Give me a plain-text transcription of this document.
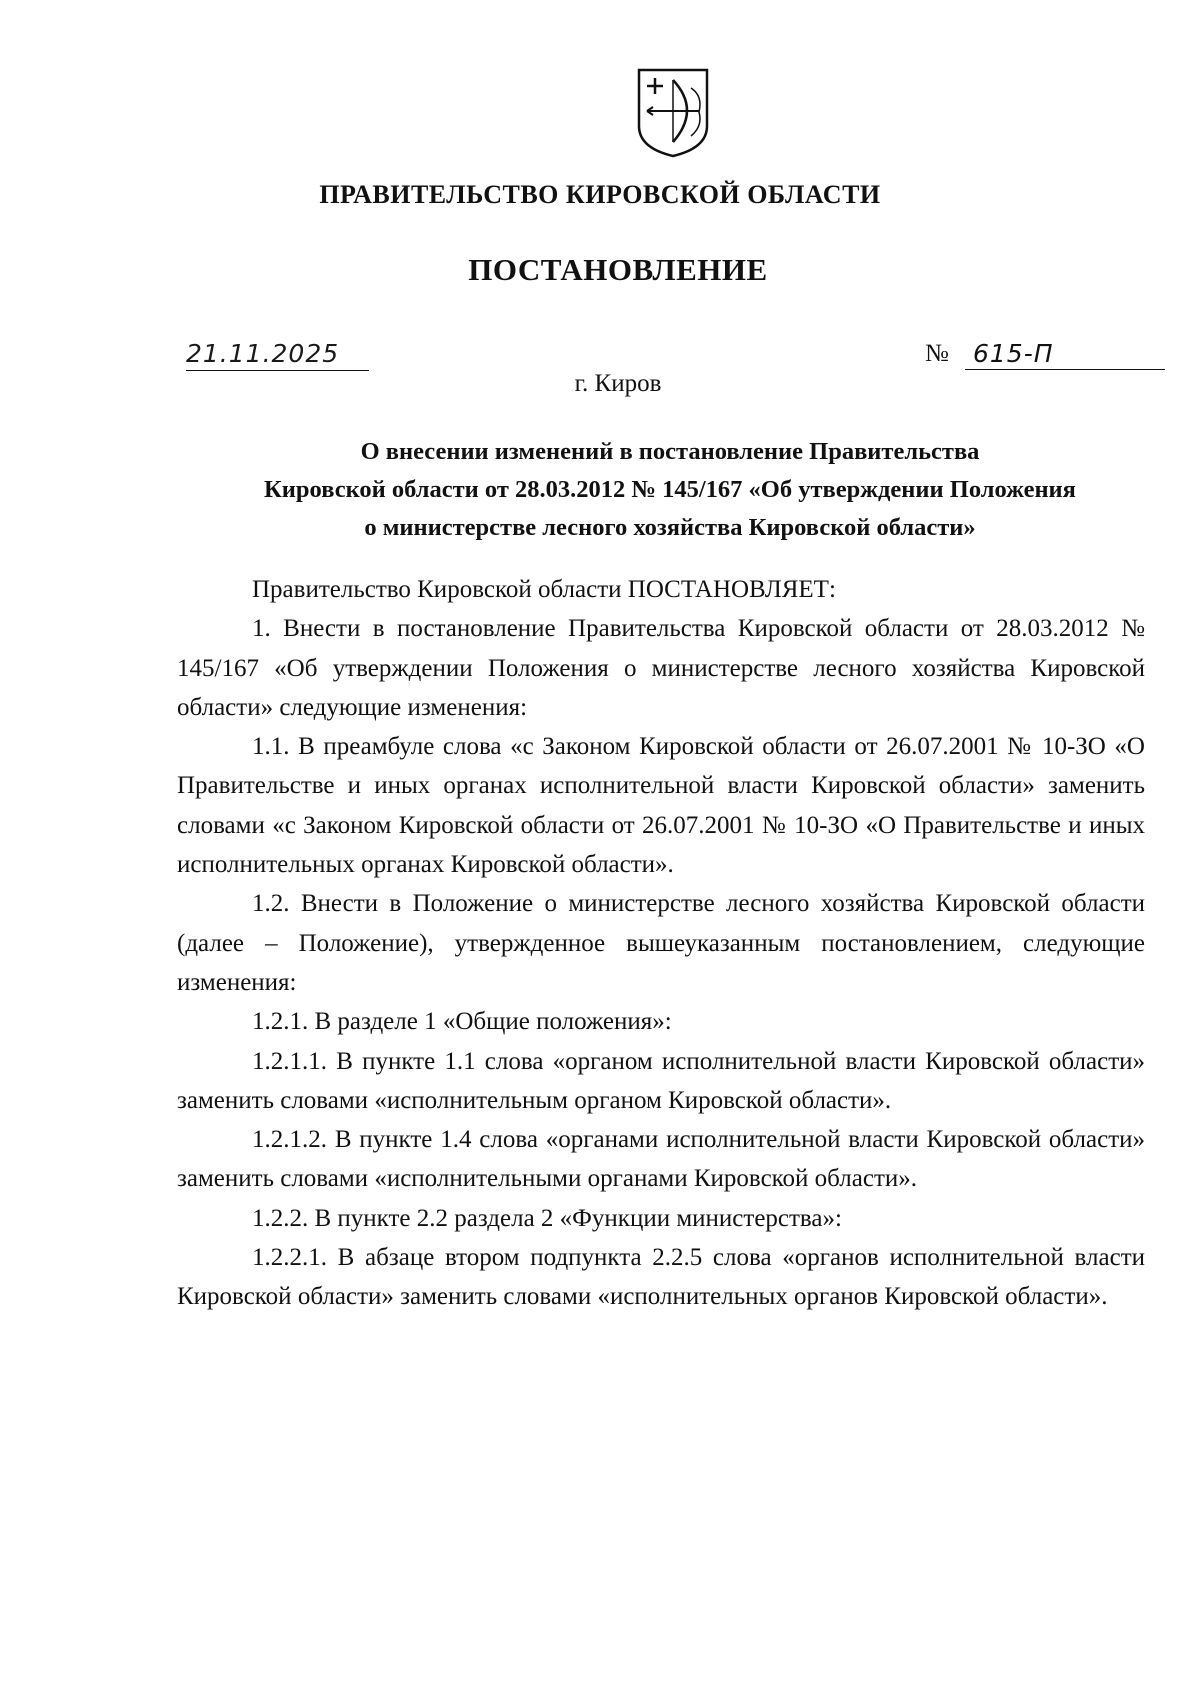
ПРАВИТЕЛЬСТВО КИРОВСКОЙ ОБЛАСТИ
ПОСТАНОВЛЕНИЕ
21.11.2025	№ 615-П
г. Киров
О внесении изменений в постановление Правительства
Кировской области от 28.03.2012 № 145/167 «Об утверждении Положения
о министерстве лесного хозяйства Кировской области»

Правительство Кировской области ПОСТАНОВЛЯЕТ:

1. Внести в постановление Правительства Кировской области от 28.03.2012 № 145/167 «Об утверждении Положения о министерстве лесного хозяйства Кировской области» следующие изменения:

1.1. В преамбуле слова «с Законом Кировской области от 26.07.2001 № 10-ЗО «О Правительстве и иных органах исполнительной власти Кировской области» заменить словами «с Законом Кировской области от 26.07.2001 № 10-ЗО «О Правительстве и иных исполнительных органах Кировской области».

1.2. Внести в Положение о министерстве лесного хозяйства Кировской области (далее – Положение), утвержденное вышеуказанным постановлением, следующие изменения:

1.2.1. В разделе 1 «Общие положения»:

1.2.1.1. В пункте 1.1 слова «органом исполнительной власти Кировской области» заменить словами «исполнительным органом Кировской области».

1.2.1.2. В пункте 1.4 слова «органами исполнительной власти Кировской области» заменить словами «исполнительными органами Кировской области».

1.2.2. В пункте 2.2 раздела 2 «Функции министерства»:

1.2.2.1. В абзаце втором подпункта 2.2.5 слова «органов исполнительной власти Кировской области» заменить словами «исполнительных органов Кировской области».
